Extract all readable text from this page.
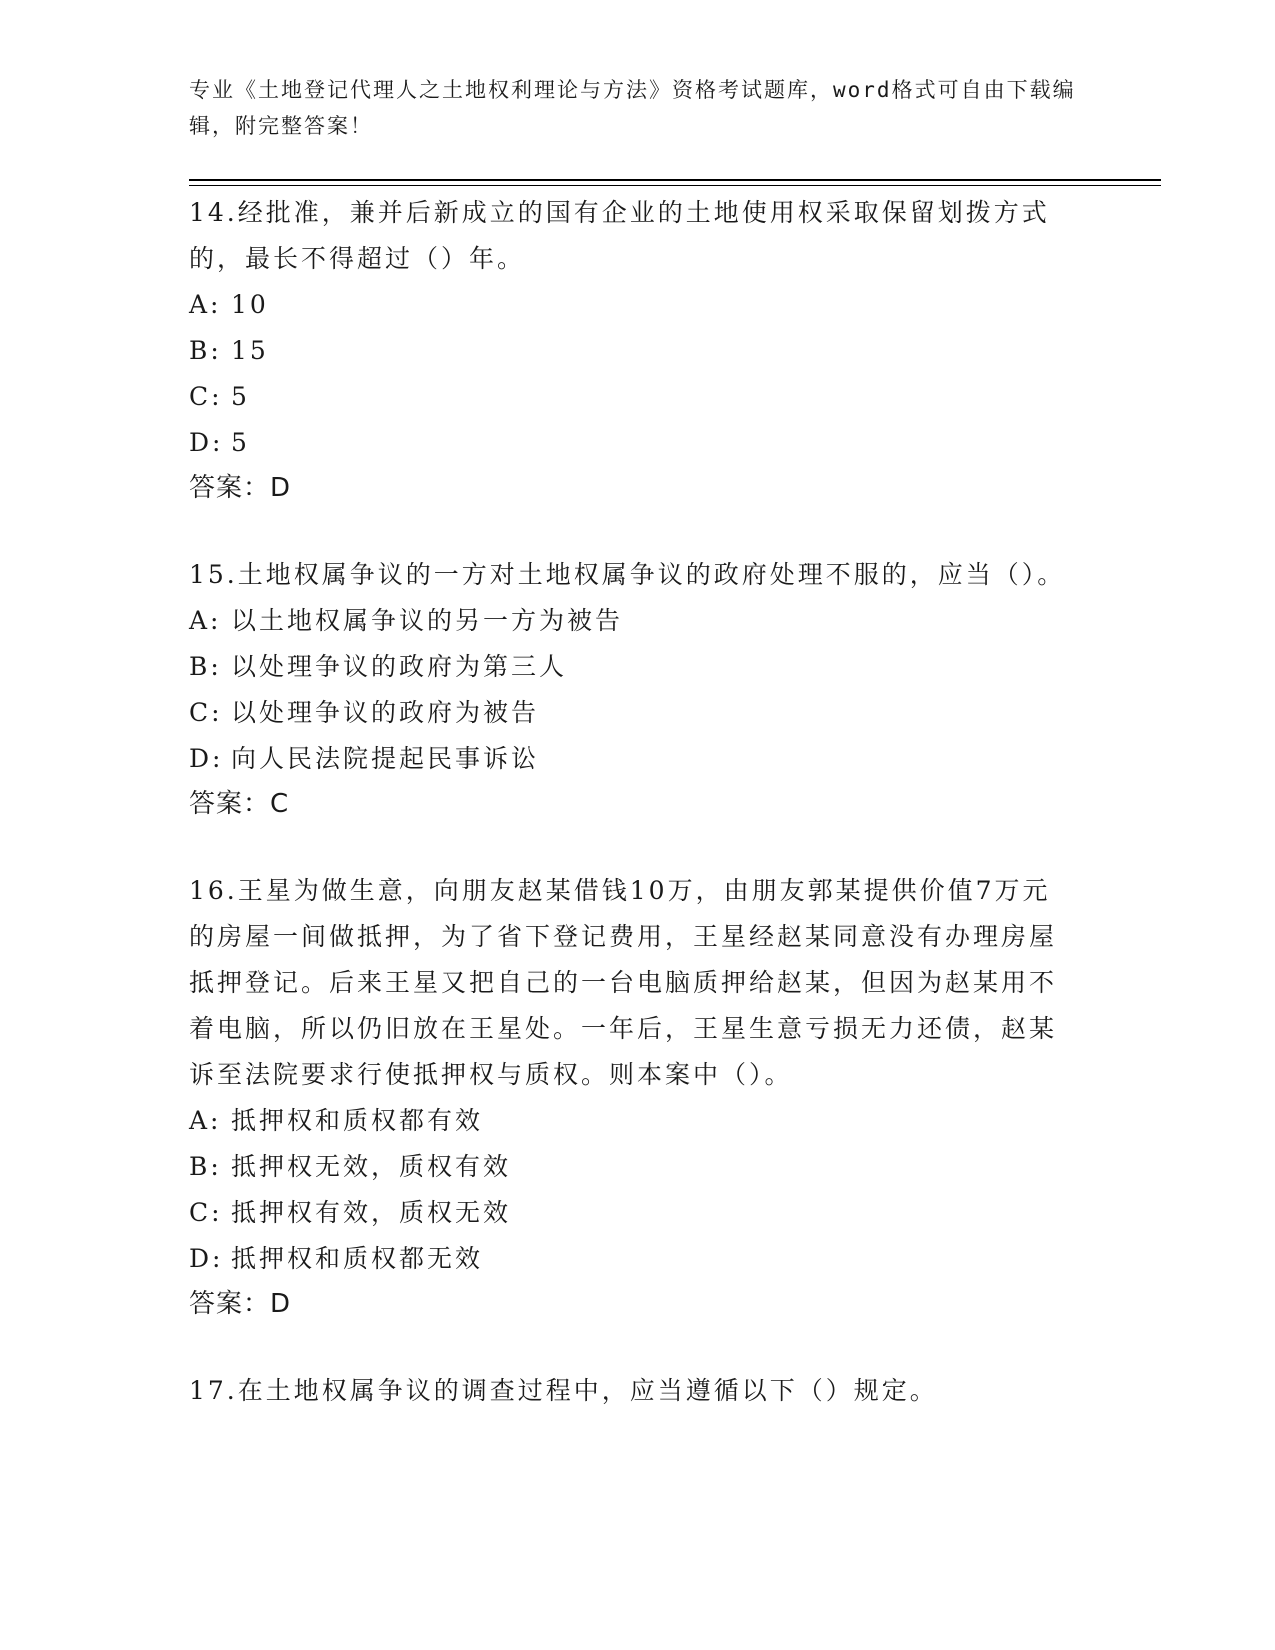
专业《土地登记代理人之土地权利理论与方法》资格考试题库，word格式可自由下载编辑，附完整答案！

14.经批准，兼并后新成立的国有企业的土地使用权采取保留划拨方式的，最长不得超过（）年。

A: 10

B: 15

C: 5

D: 5

答案：D

15.土地权属争议的一方对土地权属争议的政府处理不服的，应当（）。

A: 以土地权属争议的另一方为被告

B: 以处理争议的政府为第三人

C: 以处理争议的政府为被告

D: 向人民法院提起民事诉讼

答案：C

16.王星为做生意，向朋友赵某借钱10万，由朋友郭某提供价值7万元的房屋一间做抵押，为了省下登记费用，王星经赵某同意没有办理房屋抵押登记。后来王星又把自己的一台电脑质押给赵某，但因为赵某用不着电脑，所以仍旧放在王星处。一年后，王星生意亏损无力还债，赵某诉至法院要求行使抵押权与质权。则本案中（）。

A: 抵押权和质权都有效

B: 抵押权无效，质权有效

C: 抵押权有效，质权无效

D: 抵押权和质权都无效

答案：D

17.在土地权属争议的调查过程中，应当遵循以下（）规定。
